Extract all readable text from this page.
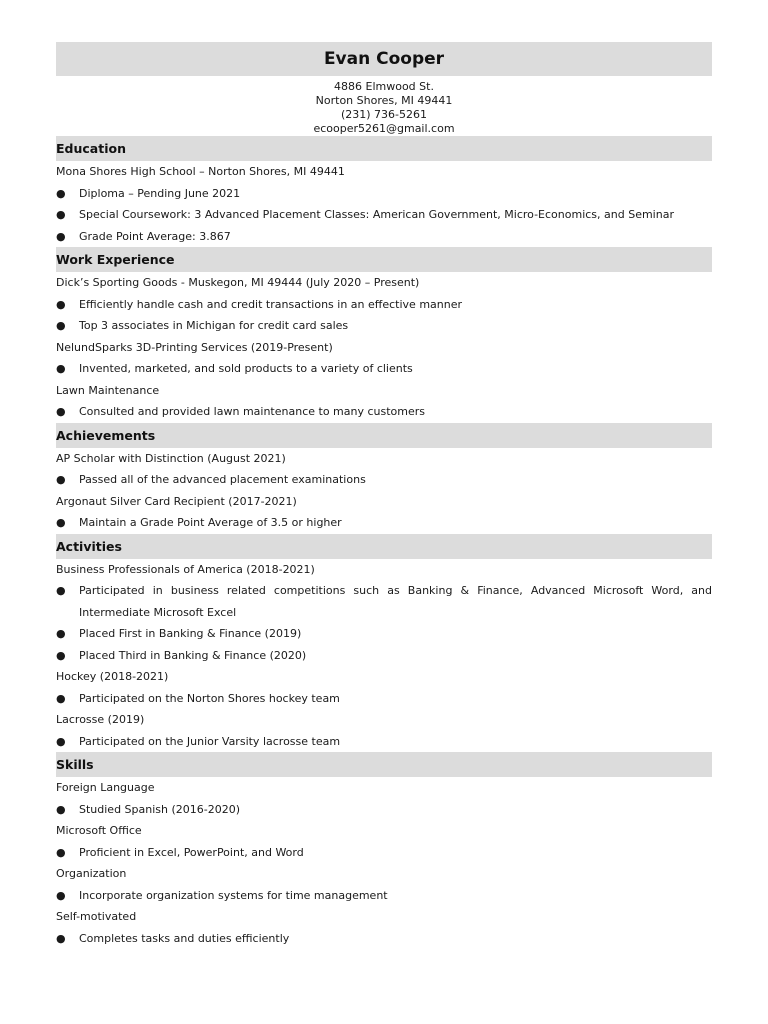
Evan Cooper
4886 Elmwood St.
Norton Shores, MI 49441
(231) 736-5261
ecooper5261@gmail.com
Education
Mona Shores High School – Norton Shores, MI 49441
● Diploma – Pending June 2021
● Special Coursework: 3 Advanced Placement Classes: American Government, Micro-Economics, and Seminar
● Grade Point Average: 3.867
Work Experience
Dick’s Sporting Goods - Muskegon, MI 49444 (July 2020 – Present)
● Efficiently handle cash and credit transactions in an effective manner
● Top 3 associates in Michigan for credit card sales
NelundSparks 3D-Printing Services (2019-Present)
● Invented, marketed, and sold products to a variety of clients
Lawn Maintenance
● Consulted and provided lawn maintenance to many customers
Achievements
AP Scholar with Distinction (August 2021)
● Passed all of the advanced placement examinations
Argonaut Silver Card Recipient (2017-2021)
● Maintain a Grade Point Average of 3.5 or higher
Activities
Business Professionals of America (2018-2021)
● Participated in business related competitions such as Banking & Finance, Advanced Microsoft Word, and Intermediate Microsoft Excel
● Placed First in Banking & Finance (2019)
● Placed Third in Banking & Finance (2020)
Hockey (2018-2021)
● Participated on the Norton Shores hockey team
Lacrosse (2019)
● Participated on the Junior Varsity lacrosse team
Skills
Foreign Language
● Studied Spanish (2016-2020)
Microsoft Office
● Proficient in Excel, PowerPoint, and Word
Organization
● Incorporate organization systems for time management
Self-motivated
● Completes tasks and duties efficiently
